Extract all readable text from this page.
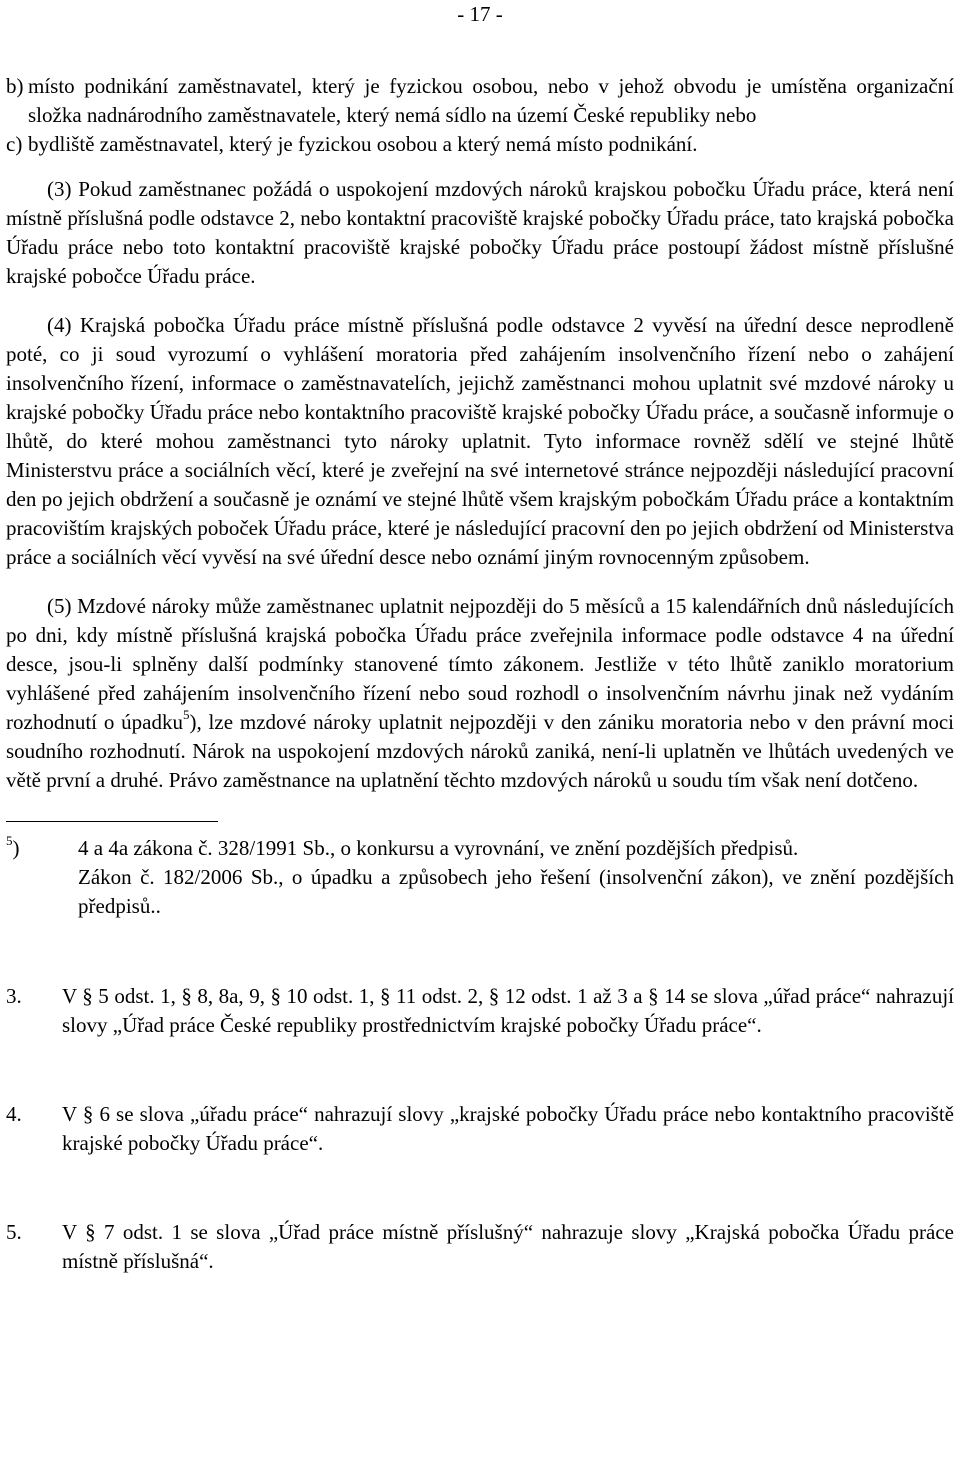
- 17 -
b) místo podnikání zaměstnavatel, který je fyzickou osobou, nebo v jehož obvodu je umístěna organizační složka nadnárodního zaměstnavatele, který nemá sídlo na území České republiky nebo
c) bydliště zaměstnavatel, který je fyzickou osobou a který nemá místo podnikání.

(3) Pokud zaměstnanec požádá o uspokojení mzdových nároků krajskou pobočku Úřadu práce, která není místně příslušná podle odstavce 2, nebo kontaktní pracoviště krajské pobočky Úřadu práce, tato krajská pobočka Úřadu práce nebo toto kontaktní pracoviště krajské pobočky Úřadu práce postoupí žádost místně příslušné krajské pobočce Úřadu práce.

(4) Krajská pobočka Úřadu práce místně příslušná podle odstavce 2 vyvěsí na úřední desce neprodleně poté, co ji soud vyrozumí o vyhlášení moratoria před zahájením insolvenčního řízení nebo o zahájení insolvenčního řízení, informace o zaměstnavatelích, jejichž zaměstnanci mohou uplatnit své mzdové nároky u krajské pobočky Úřadu práce nebo kontaktního pracoviště krajské pobočky Úřadu práce, a současně informuje o lhůtě, do které mohou zaměstnanci tyto nároky uplatnit. Tyto informace rovněž sdělí ve stejné lhůtě Ministerstvu práce a sociálních věcí, které je zveřejní na své internetové stránce nejpozději následující pracovní den po jejich obdržení a současně je oznámí ve stejné lhůtě všem krajským pobočkám Úřadu práce a kontaktním pracovištím krajských poboček Úřadu práce, které je následující pracovní den po jejich obdržení od Ministerstva práce a sociálních věcí vyvěsí na své úřední desce nebo oznámí jiným rovnocenným způsobem.

(5) Mzdové nároky může zaměstnanec uplatnit nejpozději do 5 měsíců a 15 kalendářních dnů následujících po dni, kdy místně příslušná krajská pobočka Úřadu práce zveřejnila informace podle odstavce 4 na úřední desce, jsou-li splněny další podmínky stanovené tímto zákonem. Jestliže v této lhůtě zaniklo moratorium vyhlášené před zahájením insolvenčního řízení nebo soud rozhodl o insolvenčním návrhu jinak než vydáním rozhodnutí o úpadku$^5$), lze mzdové nároky uplatnit nejpozději v den zániku moratoria nebo v den právní moci soudního rozhodnutí. Nárok na uspokojení mzdových nároků zaniká, není-li uplatněn ve lhůtách uvedených ve větě první a druhé. Právo zaměstnance na uplatnění těchto mzdových nároků u soudu tím však není dotčeno.

$^5$)	4 a 4a zákona č. 328/1991 Sb., o konkursu a vyrovnání, ve znění pozdějších předpisů.
Zákon č. 182/2006 Sb., o úpadku a způsobech jeho řešení (insolvenční zákon), ve znění pozdějších předpisů..
3.	V § 5 odst. 1, § 8, 8a, 9, § 10 odst. 1, § 11 odst. 2, § 12 odst. 1 až 3 a § 14 se slova „úřad práce“ nahrazují slovy „Úřad práce České republiky prostřednictvím krajské pobočky Úřadu práce“.
4.	V § 6 se slova „úřadu práce“ nahrazují slovy „krajské pobočky Úřadu práce nebo kontaktního pracoviště krajské pobočky Úřadu práce“.
5.	V § 7 odst. 1 se slova „Úřad práce místně příslušný“ nahrazuje slovy „Krajská pobočka Úřadu práce místně příslušná“.
